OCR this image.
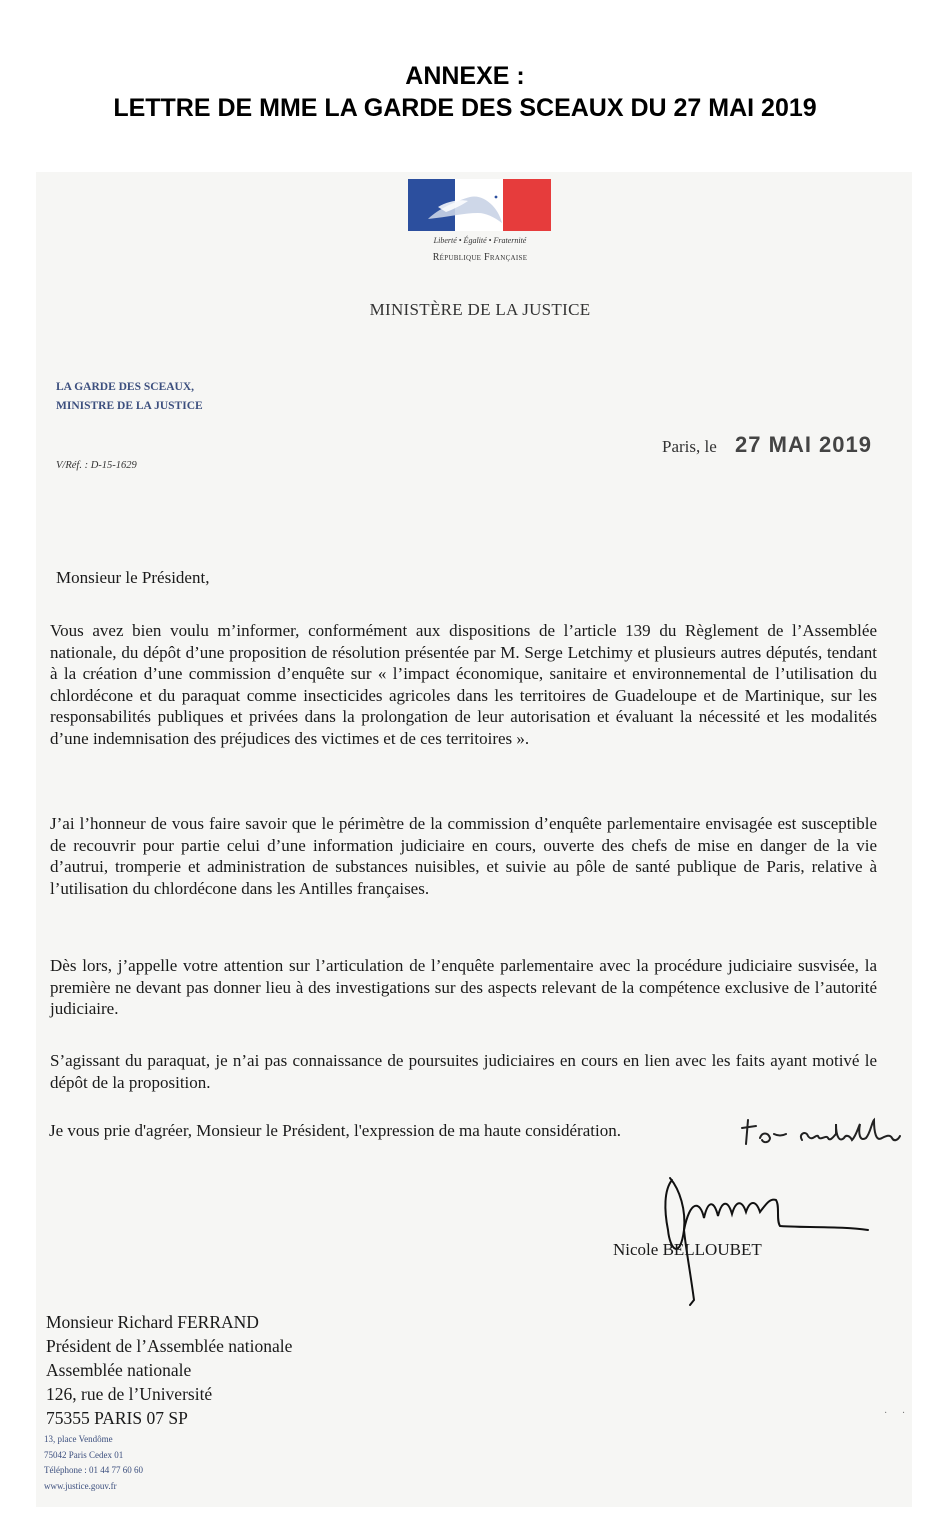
ANNEXE :
LETTRE DE MME LA GARDE DES SCEAUX DU 27 MAI 2019
Liberté • Égalité • Fraternité
République Française
MINISTÈRE DE LA JUSTICE
LA GARDE DES SCEAUX,
MINISTRE DE LA JUSTICE
Paris, le 27 MAI 2019
V/Réf. : D-15-1629
Monsieur le Président,

Vous avez bien voulu m’informer, conformément aux dispositions de l’article 139 du Règlement de l’Assemblée nationale, du dépôt d’une proposition de résolution présentée par M. Serge Letchimy et plusieurs autres députés, tendant à la création d’une commission d’enquête sur « l’impact économique, sanitaire et environnemental de l’utilisation du chlordécone et du paraquat comme insecticides agricoles dans les territoires de Guadeloupe et de Martinique, sur les responsabilités publiques et privées dans la prolongation de leur autorisation et évaluant la nécessité et les modalités d’une indemnisation des préjudices des victimes et de ces territoires ».

J’ai l’honneur de vous faire savoir que le périmètre de la commission d’enquête parlementaire envisagée est susceptible de recouvrir pour partie celui d’une information judiciaire en cours, ouverte des chefs de mise en danger de la vie d’autrui, tromperie et administration de substances nuisibles, et suivie au pôle de santé publique de Paris, relative à l’utilisation du chlordécone dans les Antilles françaises.

Dès lors, j’appelle votre attention sur l’articulation de l’enquête parlementaire avec la procédure judiciaire susvisée, la première ne devant pas donner lieu à des investigations sur des aspects relevant de la compétence exclusive de l’autorité judiciaire.

S’agissant du paraquat, je n’ai pas connaissance de poursuites judiciaires en cours en lien avec les faits ayant motivé le dépôt de la proposition.

Je vous prie d'agréer, Monsieur le Président, l'expression de ma haute considération.
Nicole BELLOUBET
Monsieur Richard FERRAND
Président de l’Assemblée nationale
Assemblée nationale
126, rue de l’Université
75355 PARIS 07 SP	· ·
13, place Vendôme
75042 Paris Cedex 01
Téléphone : 01 44 77 60 60
www.justice.gouv.fr
